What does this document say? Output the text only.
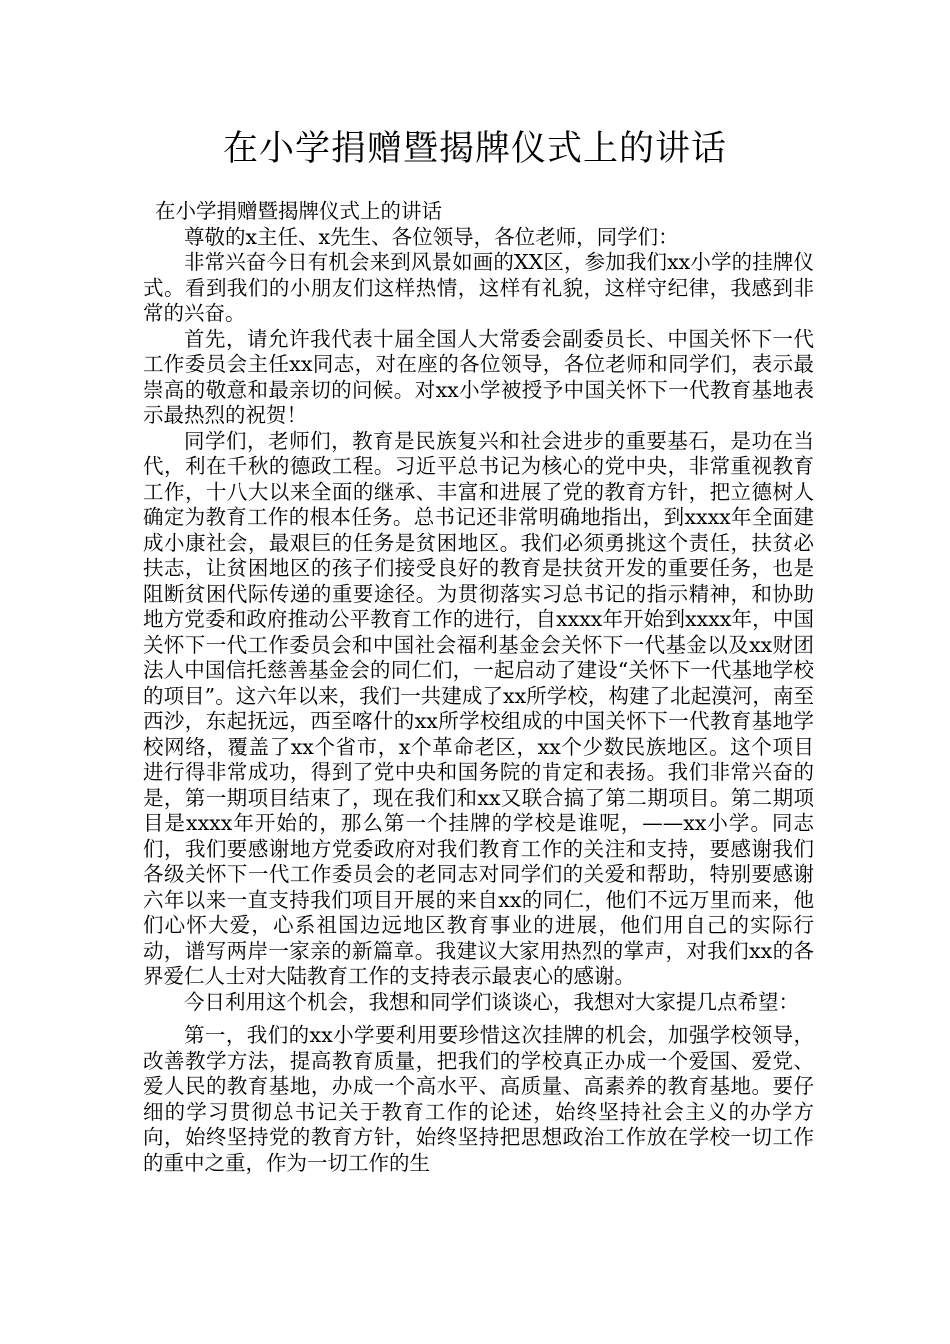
在小学捐赠暨揭牌仪式上的讲话

在小学捐赠暨揭牌仪式上的讲话

尊敬的x主任、x先生、各位领导，各位老师，同学们：

非常兴奋今日有机会来到风景如画的XX区，参加我们xx小学的挂牌仪式。看到我们的小朋友们这样热情，这样有礼貌，这样守纪律，我感到非常的兴奋。

首先，请允许我代表十届全国人大常委会副委员长、中国关怀下一代工作委员会主任xx同志，对在座的各位领导，各位老师和同学们，表示最崇高的敬意和最亲切的问候。对xx小学被授予中国关怀下一代教育基地表示最热烈的祝贺！

同学们，老师们，教育是民族复兴和社会进步的重要基石，是功在当代，利在千秋的德政工程。习近平总书记为核心的党中央，非常重视教育工作，十八大以来全面的继承、丰富和进展了党的教育方针，把立德树人确定为教育工作的根本任务。总书记还非常明确地指出，到xxxx年全面建成小康社会，最艰巨的任务是贫困地区。我们必须勇挑这个责任，扶贫必扶志，让贫困地区的孩子们接受良好的教育是扶贫开发的重要任务，也是阻断贫困代际传递的重要途径。为贯彻落实习总书记的指示精神，和协助地方党委和政府推动公平教育工作的进行，自xxxx年开始到xxxx年，中国关怀下一代工作委员会和中国社会福利基金会关怀下一代基金以及xx财团法人中国信托慈善基金会的同仁们，一起启动了建设“关怀下一代基地学校的项目”。这六年以来，我们一共建成了xx所学校，构建了北起漠河，南至西沙，东起抚远，西至喀什的xx所学校组成的中国关怀下一代教育基地学校网络，覆盖了xx个省市，x个革命老区，xx个少数民族地区。这个项目进行得非常成功，得到了党中央和国务院的肯定和表扬。我们非常兴奋的是，第一期项目结束了，现在我们和xx又联合搞了第二期项目。第二期项目是xxxx年开始的，那么第一个挂牌的学校是谁呢，——xx小学。同志们，我们要感谢地方党委政府对我们教育工作的关注和支持，要感谢我们各级关怀下一代工作委员会的老同志对同学们的关爱和帮助，特别要感谢六年以来一直支持我们项目开展的来自xx的同仁，他们不远万里而来，他们心怀大爱，心系祖国边远地区教育事业的进展，他们用自己的实际行动，谱写两岸一家亲的新篇章。我建议大家用热烈的掌声，对我们xx的各界爱仁人士对大陆教育工作的支持表示最衷心的感谢。

今日利用这个机会，我想和同学们谈谈心，我想对大家提几点希望：

第一，我们的xx小学要利用要珍惜这次挂牌的机会，加强学校领导，改善教学方法，提高教育质量，把我们的学校真正办成一个爱国、爱党、爱人民的教育基地，办成一个高水平、高质量、高素养的教育基地。要仔细的学习贯彻总书记关于教育工作的论述，始终坚持社会主义的办学方向，始终坚持党的教育方针，始终坚持把思想政治工作放在学校一切工作的重中之重，作为一切工作的生
